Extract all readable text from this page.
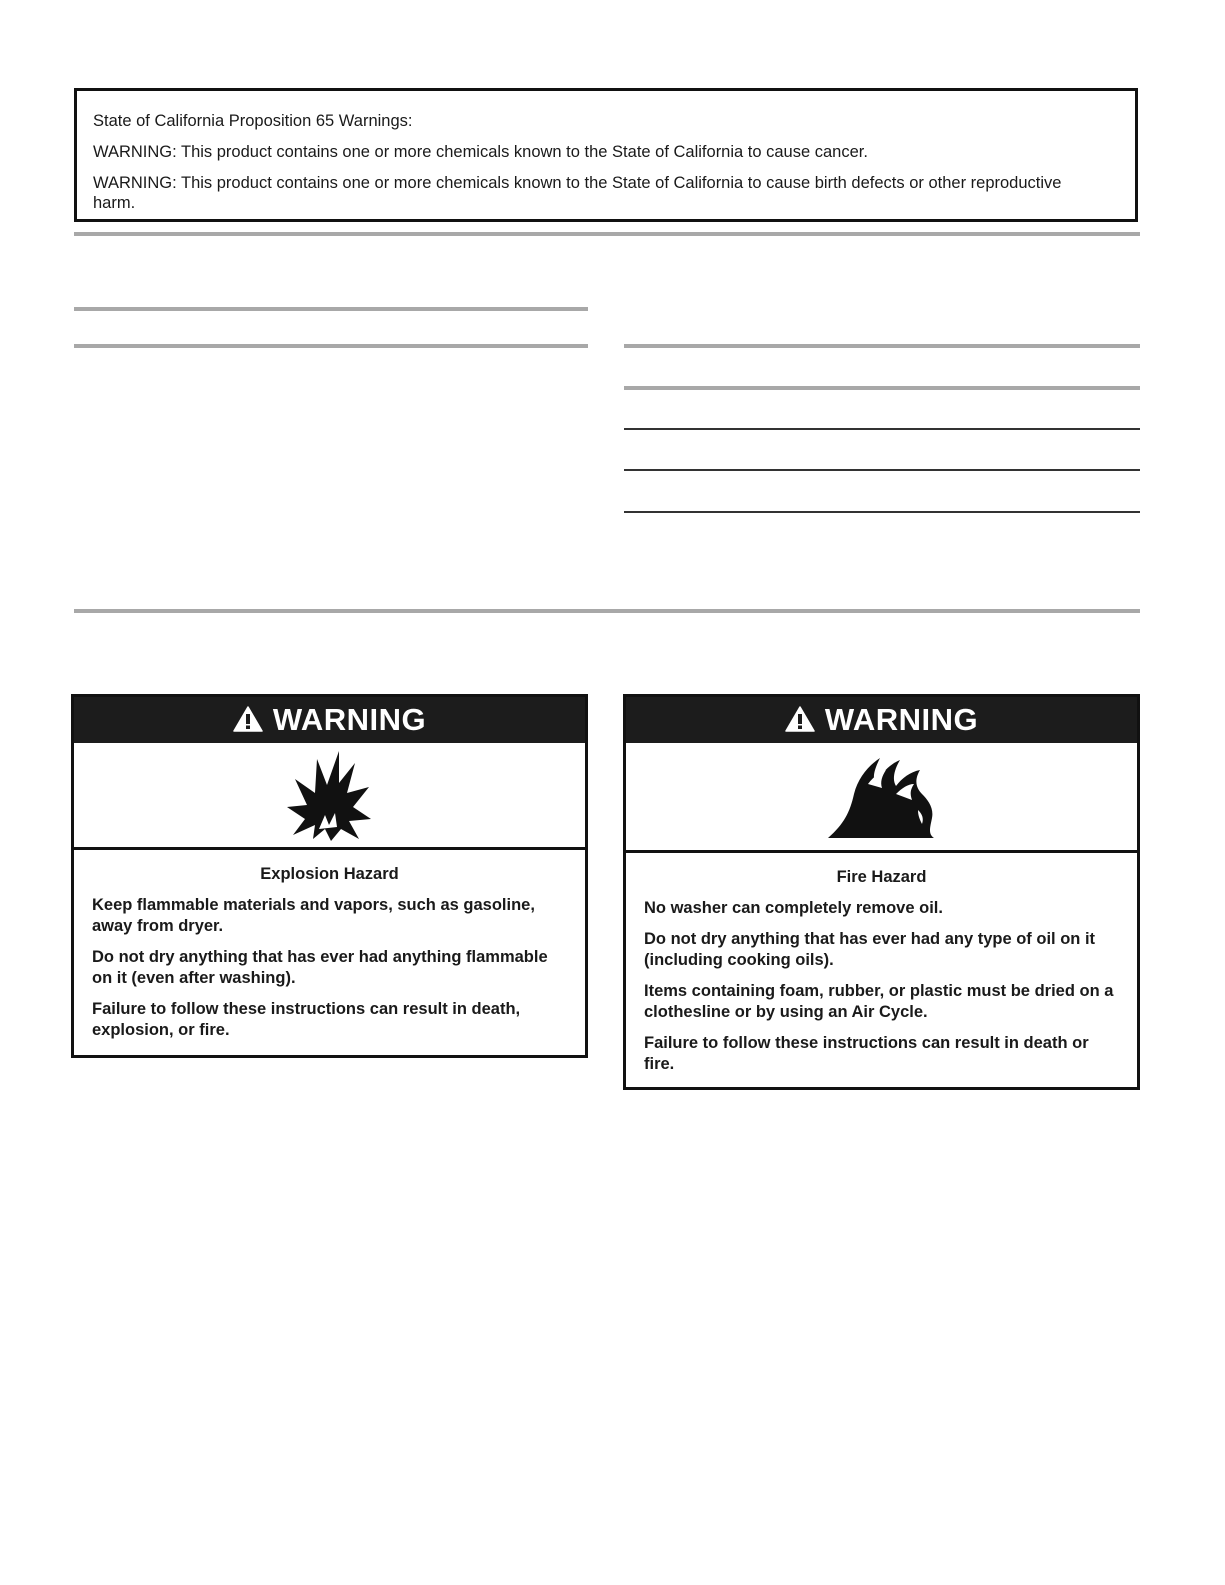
State of California Proposition 65 Warnings:

WARNING: This product contains one or more chemicals known to the State of California to cause cancer.

WARNING: This product contains one or more chemicals known to the State of California to cause birth defects or other reproductive harm.

WARNING

Explosion Hazard

Keep flammable materials and vapors, such as gasoline, away from dryer.

Do not dry anything that has ever had anything flammable on it (even after washing).

Failure to follow these instructions can result in death, explosion, or fire.

WARNING

Fire Hazard

No washer can completely remove oil.

Do not dry anything that has ever had any type of oil on it (including cooking oils).

Items containing foam, rubber, or plastic must be dried on a clothesline or by using an Air Cycle.

Failure to follow these instructions can result in death or fire.
